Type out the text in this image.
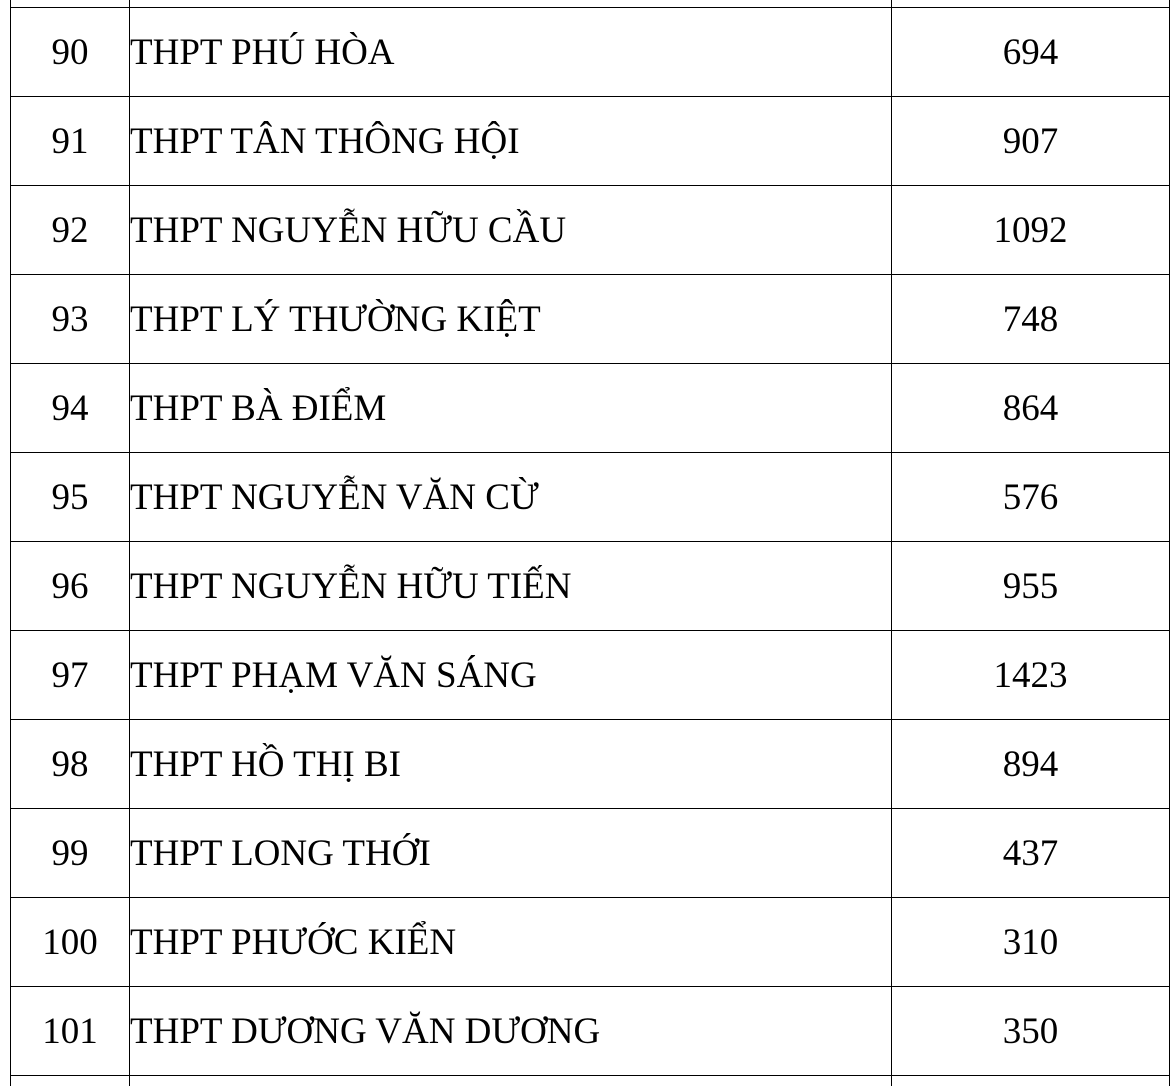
90	THPT PHÚ HÒA	694
91	THPT TÂN THÔNG HỘI	907
92	THPT NGUYỄN HỮU CẦU	1092
93	THPT LÝ THƯỜNG KIỆT	748
94	THPT BÀ ĐIỂM	864
95	THPT NGUYỄN VĂN CỪ	576
96	THPT NGUYỄN HỮU TIẾN	955
97	THPT PHẠM VĂN SÁNG	1423
98	THPT HỒ THỊ BI	894
99	THPT LONG THỚI	437
100	THPT PHƯỚC KIỂN	310
101	THPT DƯƠNG VĂN DƯƠNG	350
